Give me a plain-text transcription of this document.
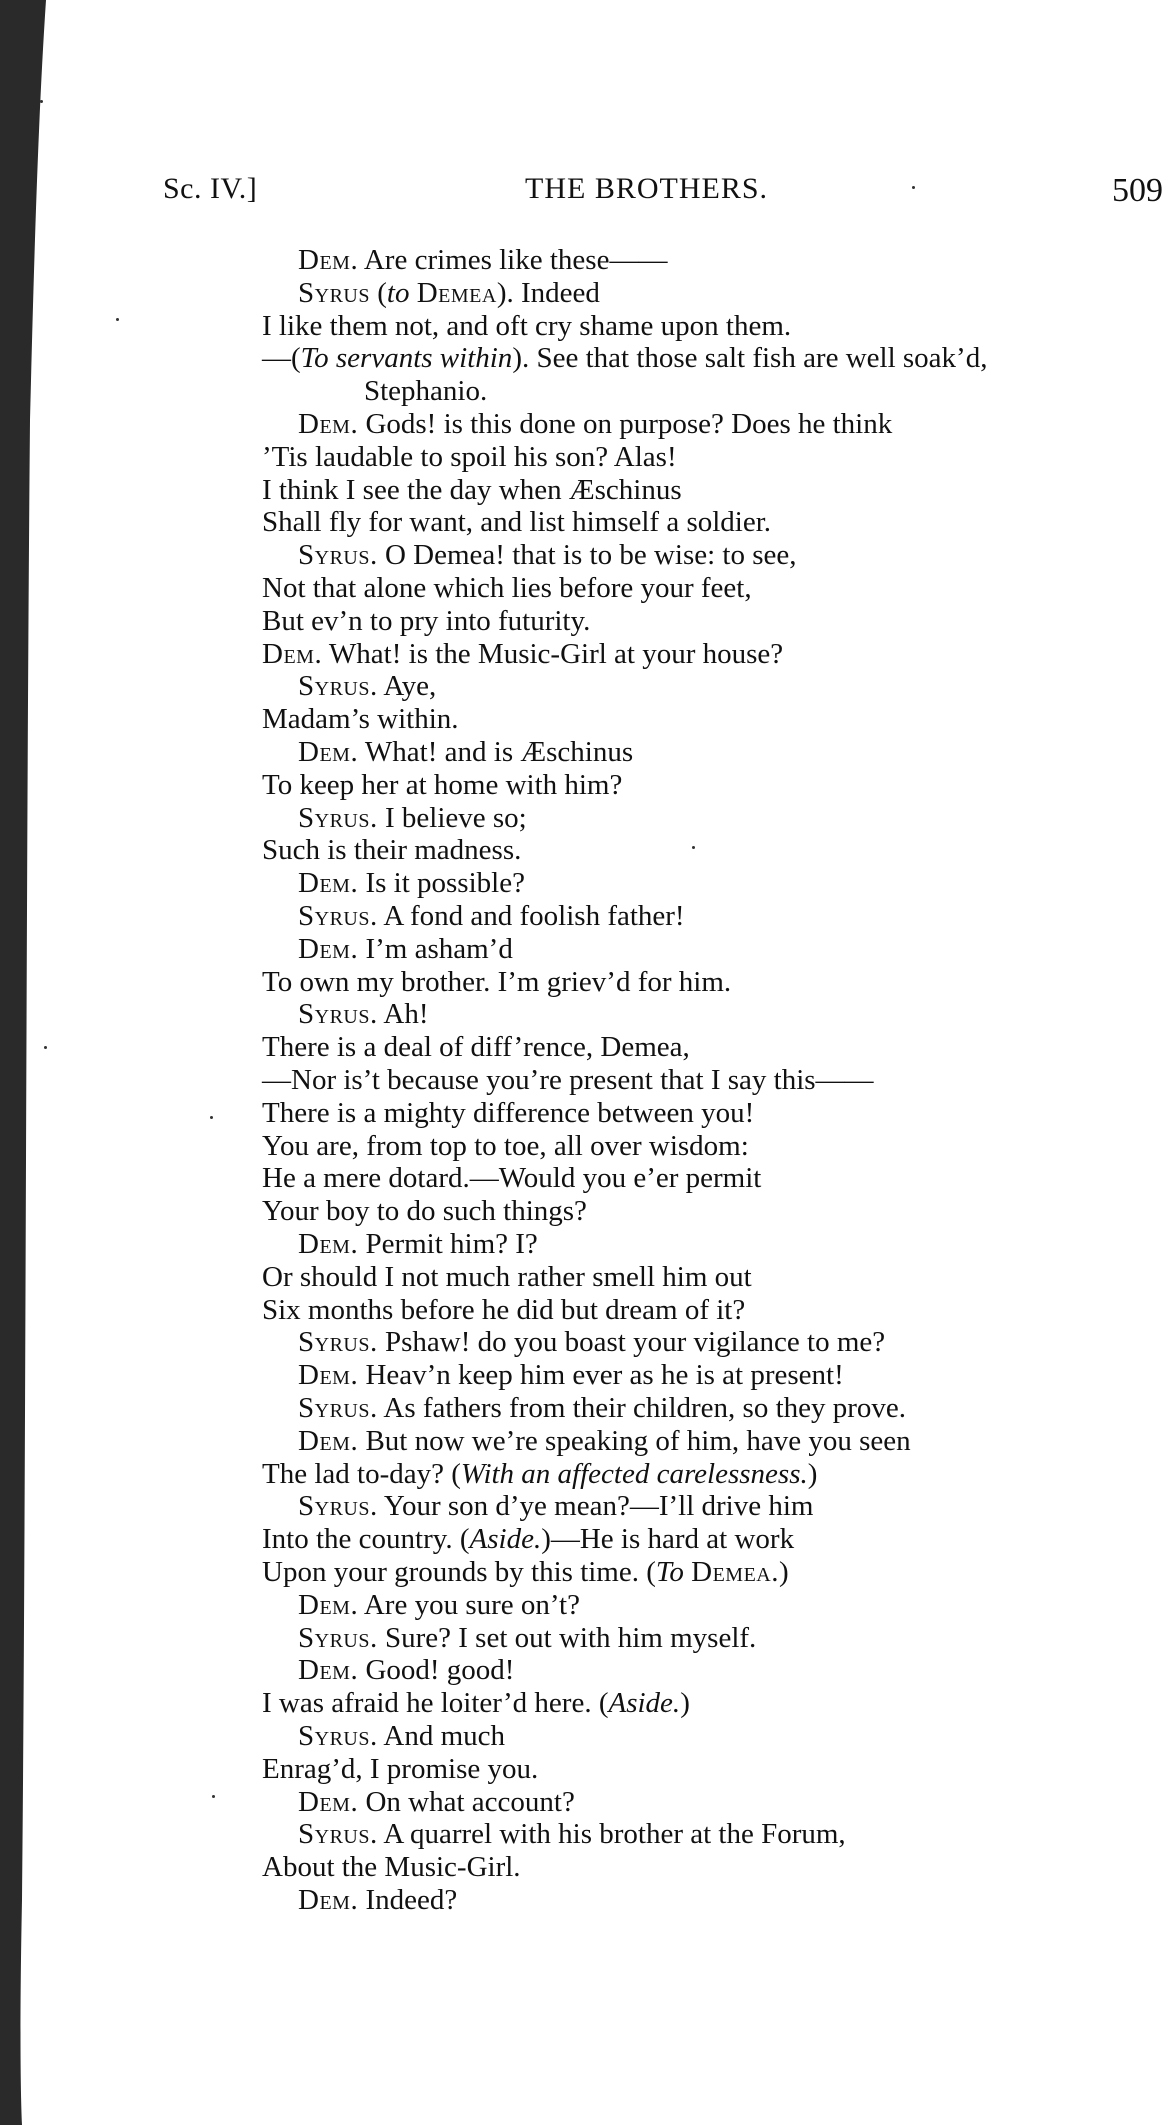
Sc. IV.]	THE BROTHERS.	509
Dem. Are crimes like these——
Syrus (to Demea). Indeed
I like them not, and oft cry shame upon them.
—(To servants within). See that those salt fish are well soak’d,
Stephanio.
Dem. Gods! is this done on purpose? Does he think
’Tis laudable to spoil his son? Alas!
I think I see the day when Æschinus
Shall fly for want, and list himself a soldier.
Syrus. O Demea! that is to be wise: to see,
Not that alone which lies before your feet,
But ev’n to pry into futurity.
Dem. What! is the Music-Girl at your house?
Syrus. Aye,
Madam’s within.
Dem. What! and is Æschinus
To keep her at home with him?
Syrus. I believe so;
Such is their madness.
Dem. Is it possible?
Syrus. A fond and foolish father!
Dem. I’m asham’d
To own my brother. I’m griev’d for him.
Syrus. Ah!
There is a deal of diff’rence, Demea,
—Nor is’t because you’re present that I say this——
There is a mighty difference between you!
You are, from top to toe, all over wisdom:
He a mere dotard.—Would you e’er permit
Your boy to do such things?
Dem. Permit him? I?
Or should I not much rather smell him out
Six months before he did but dream of it?
Syrus. Pshaw! do you boast your vigilance to me?
Dem. Heav’n keep him ever as he is at present!
Syrus. As fathers from their children, so they prove.
Dem. But now we’re speaking of him, have you seen
The lad to-day? (With an affected carelessness.)
Syrus. Your son d’ye mean?—I’ll drive him
Into the country. (Aside.)—He is hard at work
Upon your grounds by this time. (To Demea.)
Dem. Are you sure on’t?
Syrus. Sure? I set out with him myself.
Dem. Good! good!
I was afraid he loiter’d here. (Aside.)
Syrus. And much
Enrag’d, I promise you.
Dem. On what account?
Syrus. A quarrel with his brother at the Forum,
About the Music-Girl.
Dem. Indeed?
